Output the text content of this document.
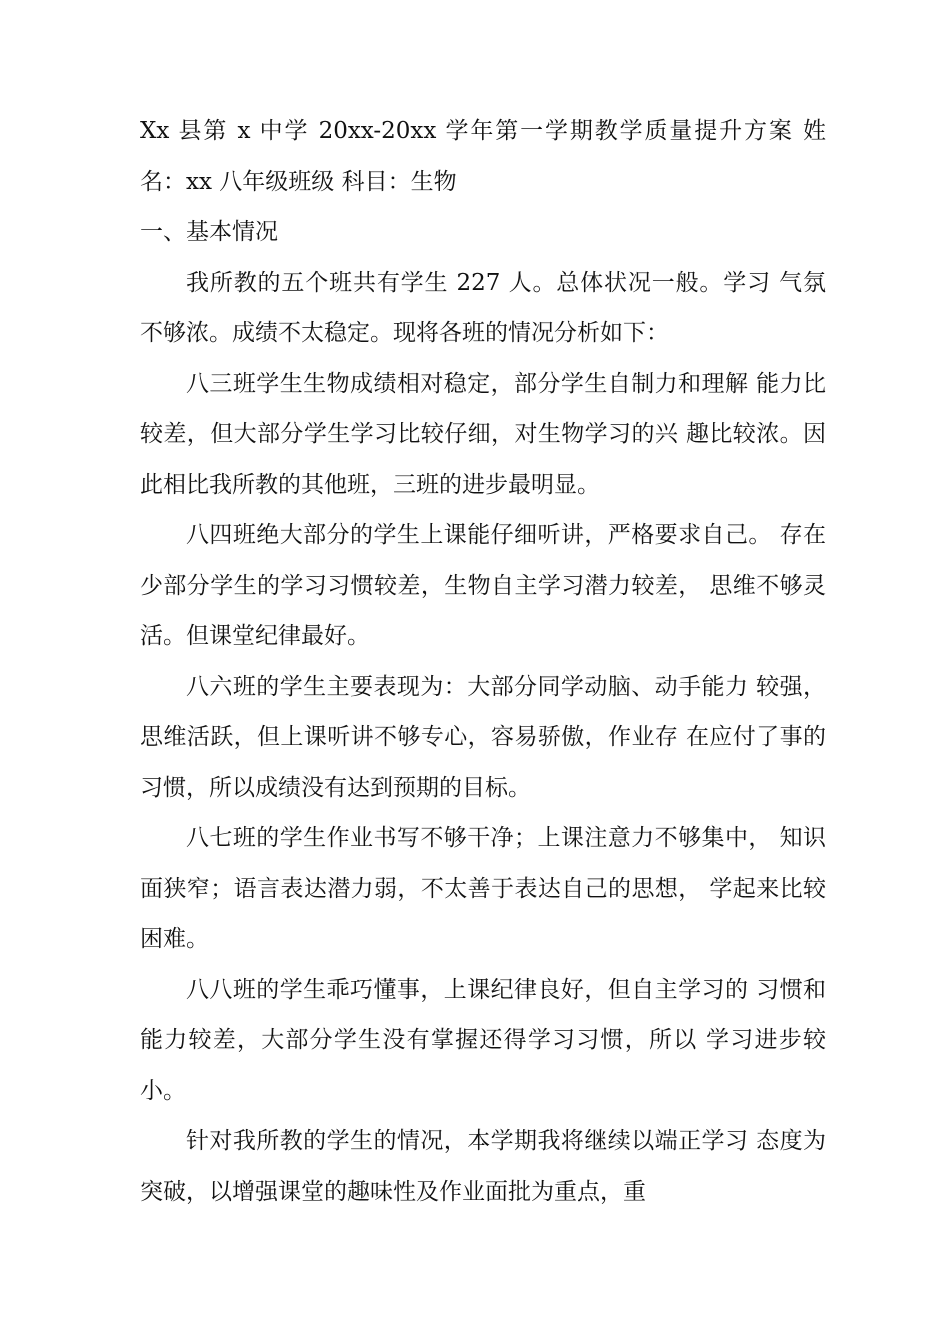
Xx 县第 x 中学 20xx-20xx 学年第一学期教学质量提升方案 姓名：xx 八年级班级 科目：生物

一、基本情况

我所教的五个班共有学生 227 人。总体状况一般。学习 气氛不够浓。成绩不太稳定。现将各班的情况分析如下：

八三班学生生物成绩相对稳定，部分学生自制力和理解 能力比较差，但大部分学生学习比较仔细，对生物学习的兴 趣比较浓。因此相比我所教的其他班，三班的进步最明显。

八四班绝大部分的学生上课能仔细听讲，严格要求自己。 存在少部分学生的学习习惯较差，生物自主学习潜力较差， 思维不够灵活。但课堂纪律最好。

八六班的学生主要表现为：大部分同学动脑、动手能力 较强，思维活跃，但上课听讲不够专心，容易骄傲，作业存 在应付了事的习惯，所以成绩没有达到预期的目标。

八七班的学生作业书写不够干净；上课注意力不够集中， 知识面狭窄；语言表达潜力弱，不太善于表达自己的思想， 学起来比较困难。

八八班的学生乖巧懂事，上课纪律良好，但自主学习的 习惯和能力较差，大部分学生没有掌握还得学习习惯，所以 学习进步较小。

针对我所教的学生的情况，本学期我将继续以端正学习 态度为突破，以增强课堂的趣味性及作业面批为重点，重
